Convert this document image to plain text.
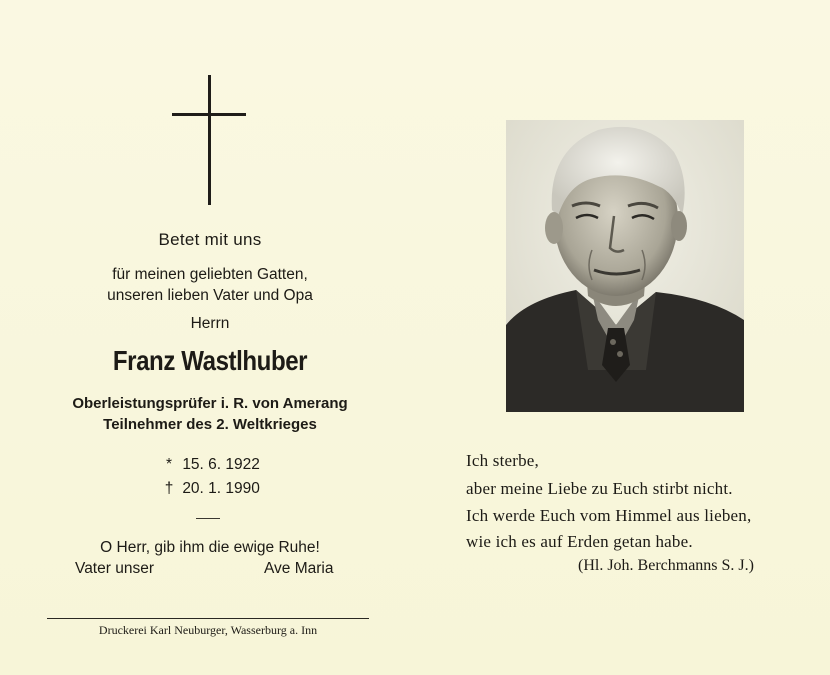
Betet mit uns
für meinen geliebten Gatten,
unseren lieben Vater und Opa
Herrn
Franz Wastlhuber
Oberleistungsprüfer i. R. von Amerang
Teilnehmer des 2. Weltkrieges
* 15. 6. 1922
† 20. 1. 1990
O Herr, gib ihm die ewige Ruhe!
Vater unser	Ave Maria
Druckerei Karl Neuburger, Wasserburg a. Inn
Ich sterbe,
aber meine Liebe zu Euch stirbt nicht.
Ich werde Euch vom Himmel aus lieben,
wie ich es auf Erden getan habe.
(Hl. Joh. Berchmanns S. J.)
